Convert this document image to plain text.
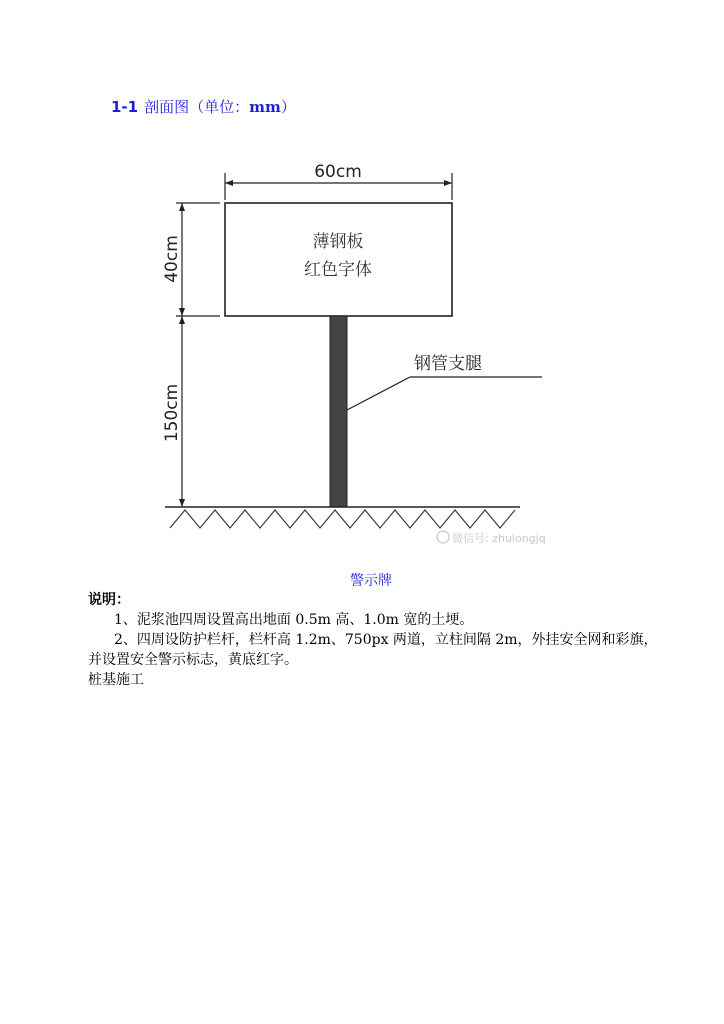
1-1 剖面图（单位：mm）
60cm
40cm
150cm
薄钢板
红色字体
钢管支腿
微信号: zhulongjq
警示牌

说明：

1、泥浆池四周设置高出地面 0.5m 高、1.0m 宽的土埂。

2、四周设防护栏杆，栏杆高 1.2m、750px 两道，立柱间隔 2m，外挂安全网和彩旗，并设置安全警示标志，黄底红字。

桩基施工
